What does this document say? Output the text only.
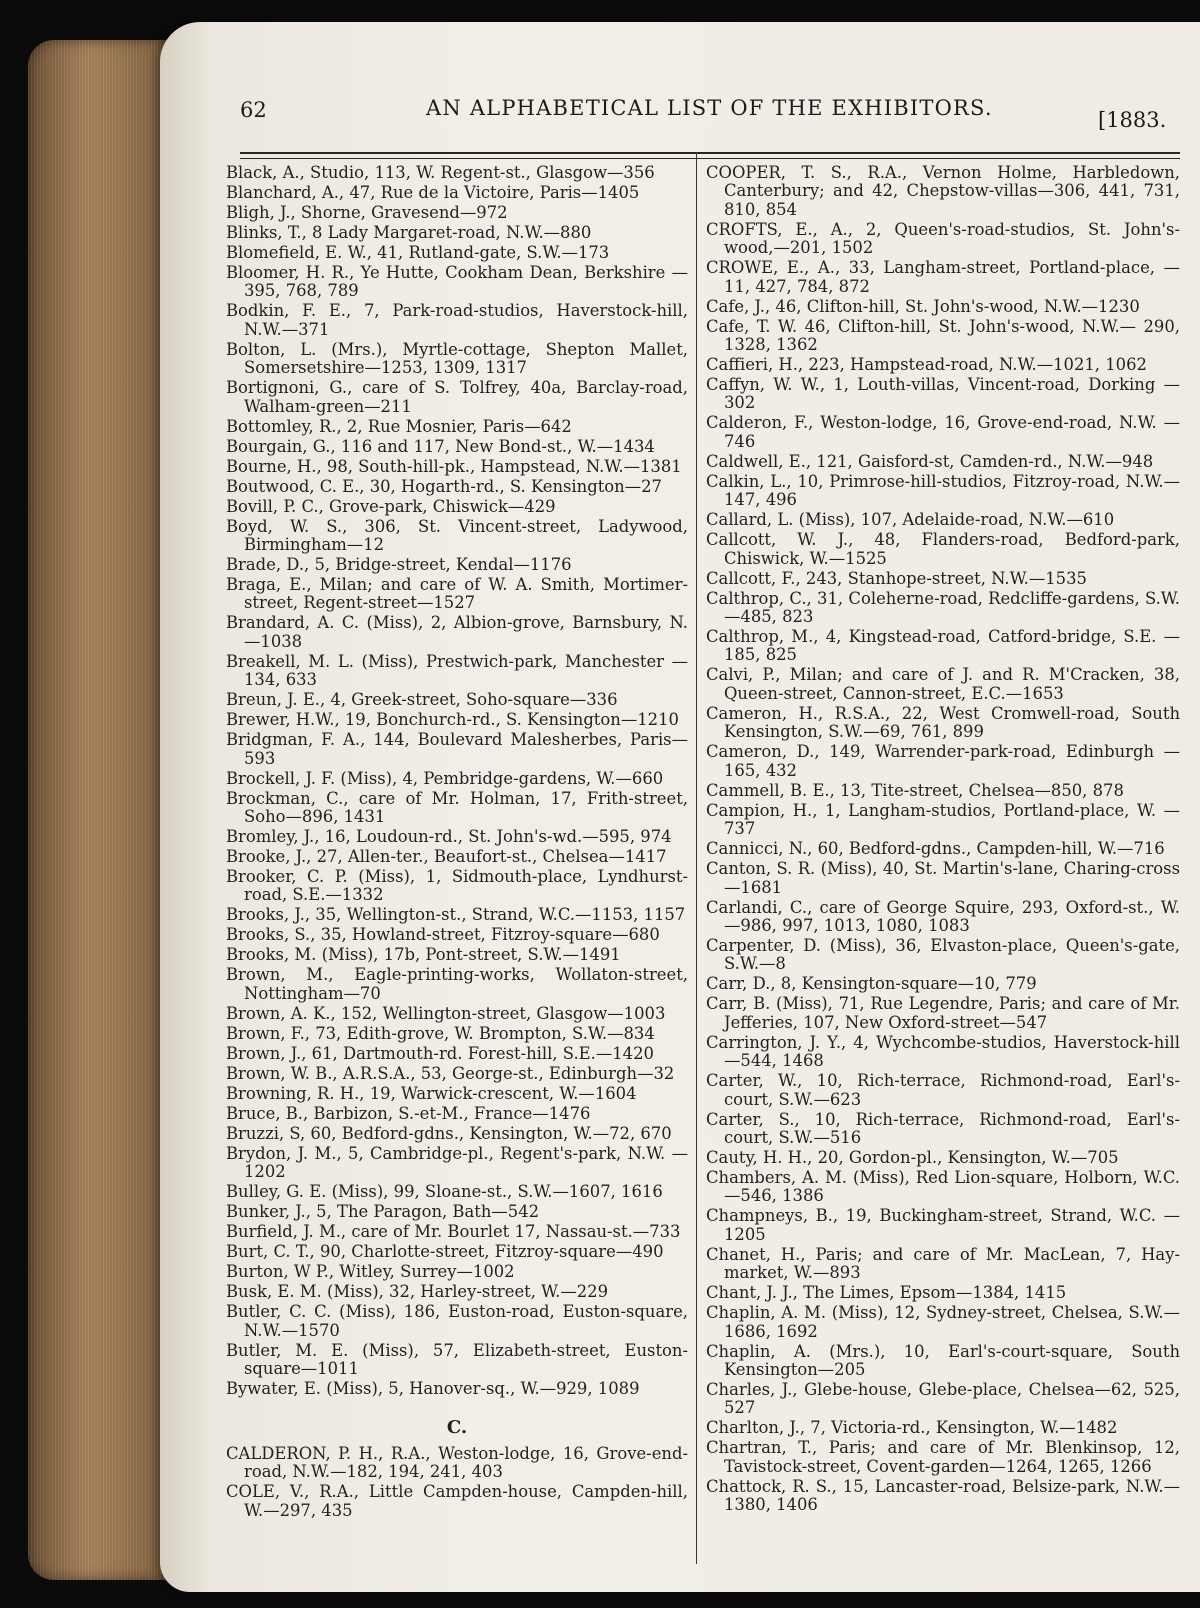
62	AN ALPHABETICAL LIST OF THE EXHIBITORS.	[1883.

Black, A., Studio, 113, W. Regent-st., Glasgow—356

Blanchard, A., 47, Rue de la Victoire, Paris—1405

Bligh, J., Shorne, Gravesend—972

Blinks, T., 8 Lady Margaret-road, N.W.—880

Blomefield, E. W., 41, Rutland-gate, S.W.—173

Bloomer, H. R., Ye Hutte, Cookham Dean, Berkshire —395, 768, 789

Bodkin, F. E., 7, Park-road-studios, Haverstock-hill, N.W.—371

Bolton, L. (Mrs.), Myrtle-cottage, Shepton Mallet, Somersetshire—1253, 1309, 1317

Bortignoni, G., care of S. Tolfrey, 40a, Barclay-road, Walham-green—211

Bottomley, R., 2, Rue Mosnier, Paris—642

Bourgain, G., 116 and 117, New Bond-st., W.—1434

Bourne, H., 98, South-hill-pk., Hampstead, N.W.—1381

Boutwood, C. E., 30, Hogarth-rd., S. Kensington—27

Bovill, P. C., Grove-park, Chiswick—429

Boyd, W. S., 306, St. Vincent-street, Ladywood, Birmingham—12

Brade, D., 5, Bridge-street, Kendal—1176

Braga, E., Milan; and care of W. A. Smith, Mortimer-street, Regent-street—1527

Brandard, A. C. (Miss), 2, Albion-grove, Barnsbury, N.—1038

Breakell, M. L. (Miss), Prestwich-park, Manchester —134, 633

Breun, J. E., 4, Greek-street, Soho-square—336

Brewer, H.W., 19, Bonchurch-rd., S. Kensington—1210

Bridgman, F. A., 144, Boulevard Malesherbes, Paris— 593

Brockell, J. F. (Miss), 4, Pembridge-gardens, W.—660

Brockman, C., care of Mr. Holman, 17, Frith-street, Soho—896, 1431

Bromley, J., 16, Loudoun-rd., St. John's-wd.—595, 974

Brooke, J., 27, Allen-ter., Beaufort-st., Chelsea—1417

Brooker, C. P. (Miss), 1, Sidmouth-place, Lyndhurst-road, S.E.—1332

Brooks, J., 35, Wellington-st., Strand, W.C.—1153, 1157

Brooks, S., 35, Howland-street, Fitzroy-square—680

Brooks, M. (Miss), 17b, Pont-street, S.W.—1491

Brown, M., Eagle-printing-works, Wollaton-street, Nottingham—70

Brown, A. K., 152, Wellington-street, Glasgow—1003

Brown, F., 73, Edith-grove, W. Brompton, S.W.—834

Brown, J., 61, Dartmouth-rd. Forest-hill, S.E.—1420

Brown, W. B., A.R.S.A., 53, George-st., Edinburgh—32

Browning, R. H., 19, Warwick-crescent, W.—1604

Bruce, B., Barbizon, S.-et-M., France—1476

Bruzzi, S, 60, Bedford-gdns., Kensington, W.—72, 670

Brydon, J. M., 5, Cambridge-pl., Regent's-park, N.W. —1202

Bulley, G. E. (Miss), 99, Sloane-st., S.W.—1607, 1616

Bunker, J., 5, The Paragon, Bath—542

Burfield, J. M., care of Mr. Bourlet 17, Nassau-st.—733

Burt, C. T., 90, Charlotte-street, Fitzroy-square—490

Burton, W P., Witley, Surrey—1002

Busk, E. M. (Miss), 32, Harley-street, W.—229

Butler, C. C. (Miss), 186, Euston-road, Euston-square, N.W.—1570

Butler, M. E. (Miss), 57, Elizabeth-street, Euston-square—1011

Bywater, E. (Miss), 5, Hanover-sq., W.—929, 1089

C.

CALDERON, P. H., R.A., Weston-lodge, 16, Grove-end-road, N.W.—182, 194, 241, 403

COLE, V., R.A., Little Campden-house, Campden-hill, W.—297, 435

COOPER, T. S., R.A., Vernon Holme, Harbledown, Canterbury; and 42, Chepstow-villas—306, 441, 731, 810, 854

CROFTS, E., A., 2, Queen's-road-studios, St. John's-wood,—201, 1502

CROWE, E., A., 33, Langham-street, Portland-place, —11, 427, 784, 872

Cafe, J., 46, Clifton-hill, St. John's-wood, N.W.—1230

Cafe, T. W. 46, Clifton-hill, St. John's-wood, N.W.— 290, 1328, 1362

Caffieri, H., 223, Hampstead-road, N.W.—1021, 1062

Caffyn, W. W., 1, Louth-villas, Vincent-road, Dorking —302

Calderon, F., Weston-lodge, 16, Grove-end-road, N.W. —746

Caldwell, E., 121, Gaisford-st, Camden-rd., N.W.—948

Calkin, L., 10, Primrose-hill-studios, Fitzroy-road, N.W.—147, 496

Callard, L. (Miss), 107, Adelaide-road, N.W.—610

Callcott, W. J., 48, Flanders-road, Bedford-park, Chiswick, W.—1525

Callcott, F., 243, Stanhope-street, N.W.—1535

Calthrop, C., 31, Coleherne-road, Redcliffe-gardens, S.W.—485, 823

Calthrop, M., 4, Kingstead-road, Catford-bridge, S.E. —185, 825

Calvi, P., Milan; and care of J. and R. M'Cracken, 38, Queen-street, Cannon-street, E.C.—1653

Cameron, H., R.S.A., 22, West Cromwell-road, South Kensington, S.W.—69, 761, 899

Cameron, D., 149, Warrender-park-road, Edinburgh —165, 432

Cammell, B. E., 13, Tite-street, Chelsea—850, 878

Campion, H., 1, Langham-studios, Portland-place, W. —737

Cannicci, N., 60, Bedford-gdns., Campden-hill, W.—716

Canton, S. R. (Miss), 40, St. Martin's-lane, Charing-cross—1681

Carlandi, C., care of George Squire, 293, Oxford-st., W.—986, 997, 1013, 1080, 1083

Carpenter, D. (Miss), 36, Elvaston-place, Queen's-gate, S.W.—8

Carr, D., 8, Kensington-square—10, 779

Carr, B. (Miss), 71, Rue Legendre, Paris; and care of Mr. Jefferies, 107, New Oxford-street—547

Carrington, J. Y., 4, Wychcombe-studios, Haverstock-hill—544, 1468

Carter, W., 10, Rich-terrace, Richmond-road, Earl's-court, S.W.—623

Carter, S., 10, Rich-terrace, Richmond-road, Earl's-court, S.W.—516

Cauty, H. H., 20, Gordon-pl., Kensington, W.—705

Chambers, A. M. (Miss), Red Lion-square, Holborn, W.C.—546, 1386

Champneys, B., 19, Buckingham-street, Strand, W.C. —1205

Chanet, H., Paris; and care of Mr. MacLean, 7, Hay-market, W.—893

Chant, J. J., The Limes, Epsom—1384, 1415

Chaplin, A. M. (Miss), 12, Sydney-street, Chelsea, S.W.—1686, 1692

Chaplin, A. (Mrs.), 10, Earl's-court-square, South Kensington—205

Charles, J., Glebe-house, Glebe-place, Chelsea—62, 525, 527

Charlton, J., 7, Victoria-rd., Kensington, W.—1482

Chartran, T., Paris; and care of Mr. Blenkinsop, 12, Tavistock-street, Covent-garden—1264, 1265, 1266

Chattock, R. S., 15, Lancaster-road, Belsize-park, N.W.—1380, 1406
